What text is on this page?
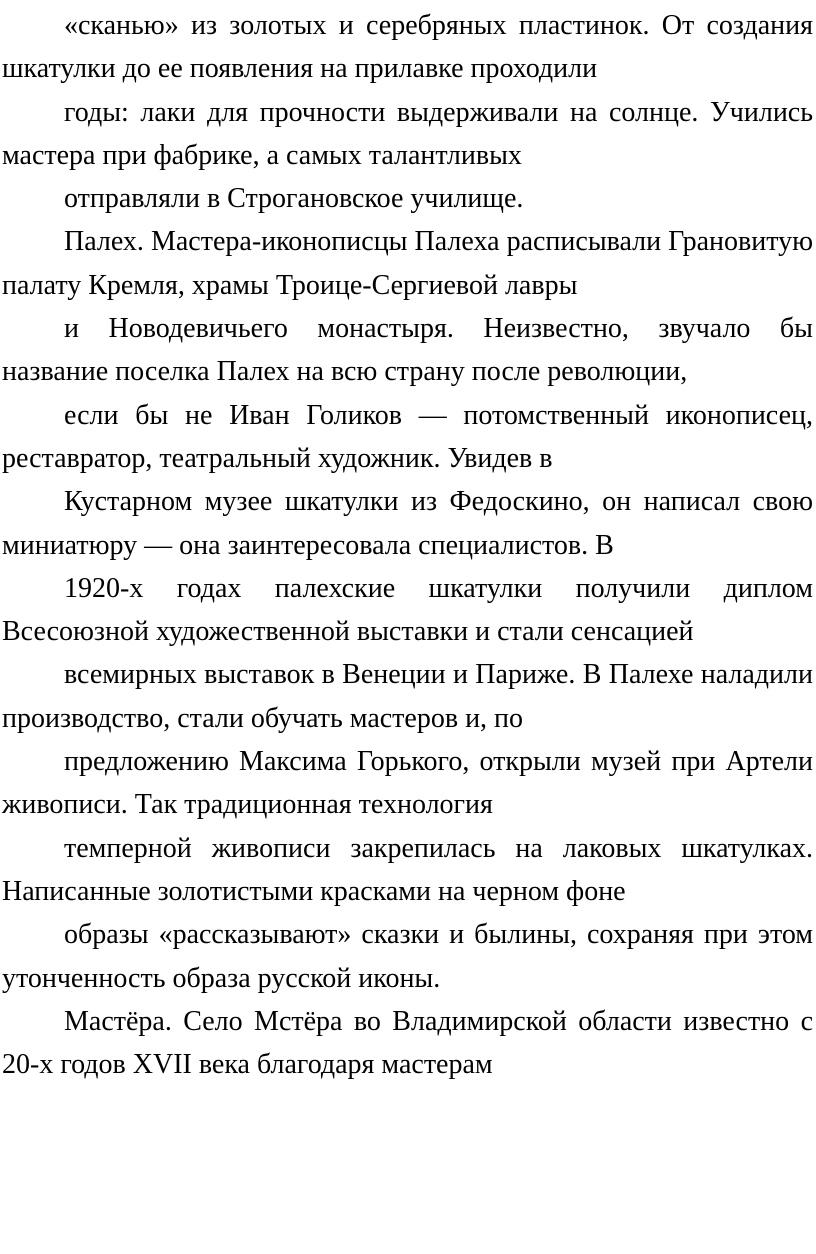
«сканью» из золотых и серебряных пластинок. От создания шкатулки до ее появления на прилавке проходили

годы: лаки для прочности выдерживали на солнце. Учились мастера при фабрике, а самых талантливых

отправляли в Строгановское училище.

Палех. Мастера-иконописцы Палеха расписывали Грановитую палату Кремля, храмы Троице-Сергиевой лавры

и Новодевичьего монастыря. Неизвестно, звучало бы название поселка Палех на всю страну после революции,

если бы не Иван Голиков — потомственный иконописец, реставратор, театральный художник. Увидев в

Кустарном музее шкатулки из Федоскино, он написал свою миниатюру — она заинтересовала специалистов. В

1920-х годах палехские шкатулки получили диплом Всесоюзной художественной выставки и стали сенсацией

всемирных выставок в Венеции и Париже. В Палехе наладили производство, стали обучать мастеров и, по

предложению Максима Горького, открыли музей при Артели живописи. Так традиционная технология

темперной живописи закрепилась на лаковых шкатулках. Написанные золотистыми красками на черном фоне

образы «рассказывают» сказки и былины, сохраняя при этом утонченность образа русской иконы.

Мастёра. Село Мстёра во Владимирской области известно с 20-х годов XVII века благодаря мастерам
